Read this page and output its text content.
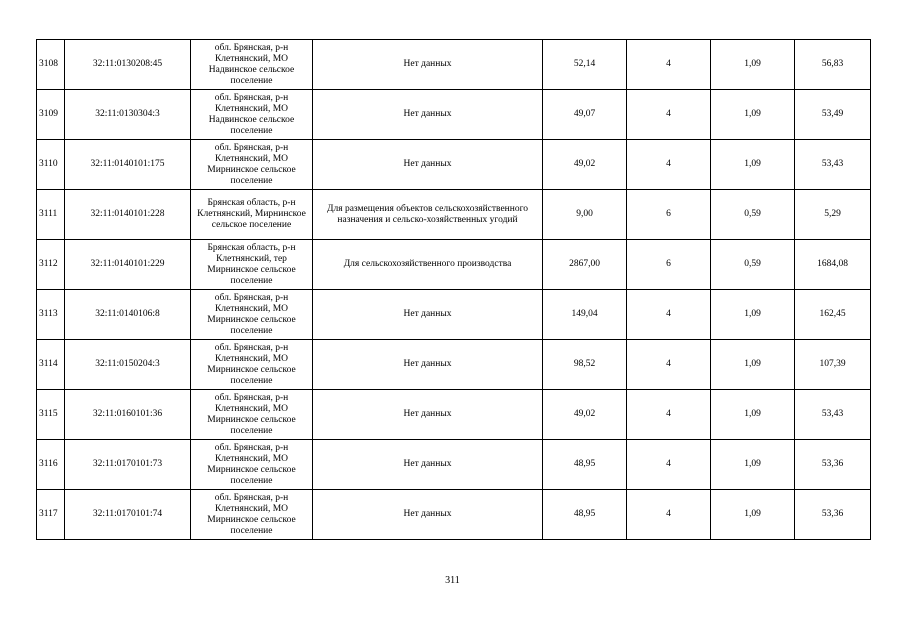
3108	32:11:0130208:45	обл. Брянская, р-н Клетнянский, МО Надвинское сельское поселение	Нет данных	52,14	4	1,09	56,83
3109	32:11:0130304:3	обл. Брянская, р-н Клетнянский, МО Надвинское сельское поселение	Нет данных	49,07	4	1,09	53,49
3110	32:11:0140101:175	обл. Брянская, р-н Клетнянский, МО Мирнинское сельское поселение	Нет данных	49,02	4	1,09	53,43
3111	32:11:0140101:228	Брянская область, р-н Клетнянский, Мирнинское сельское поселение	Для размещения объектов сельскохозяйственного назначения и сельско-хозяйственных угодий	9,00	6	0,59	5,29
3112	32:11:0140101:229	Брянская область, р-н Клетнянский, тер Мирнинское сельское поселение	Для сельскохозяйственного производства	2867,00	6	0,59	1684,08
3113	32:11:0140106:8	обл. Брянская, р-н Клетнянский, МО Мирнинское сельское поселение	Нет данных	149,04	4	1,09	162,45
3114	32:11:0150204:3	обл. Брянская, р-н Клетнянский, МО Мирнинское сельское поселение	Нет данных	98,52	4	1,09	107,39
3115	32:11:0160101:36	обл. Брянская, р-н Клетнянский, МО Мирнинское сельское поселение	Нет данных	49,02	4	1,09	53,43
3116	32:11:0170101:73	обл. Брянская, р-н Клетнянский, МО Мирнинское сельское поселение	Нет данных	48,95	4	1,09	53,36
3117	32:11:0170101:74	обл. Брянская, р-н Клетнянский, МО Мирнинское сельское поселение	Нет данных	48,95	4	1,09	53,36
311
